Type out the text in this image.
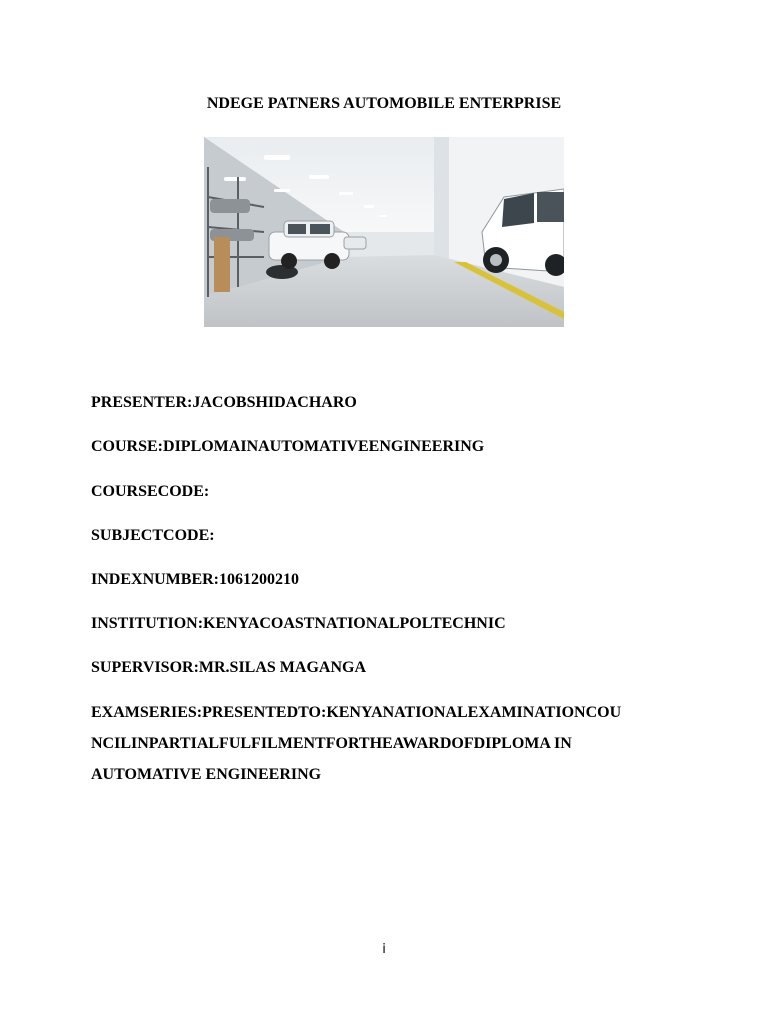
NDEGE PATNERS AUTOMOBILE ENTERPRISE
PRESENTER:JACOBSHIDACHARO
COURSE:DIPLOMAINAUTOMATIVEENGINEERING
COURSECODE:
SUBJECTCODE:
INDEXNUMBER:1061200210
INSTITUTION:KENYACOASTNATIONALPOLTECHNIC
SUPERVISOR:MR.SILAS MAGANGA
EXAMSERIES:PRESENTEDTO:KENYANATIONALEXAMINATIONCOU
NCILINPARTIALFULFILMENTFORTHEAWARDOFDIPLOMA IN
AUTOMATIVE ENGINEERING
i
